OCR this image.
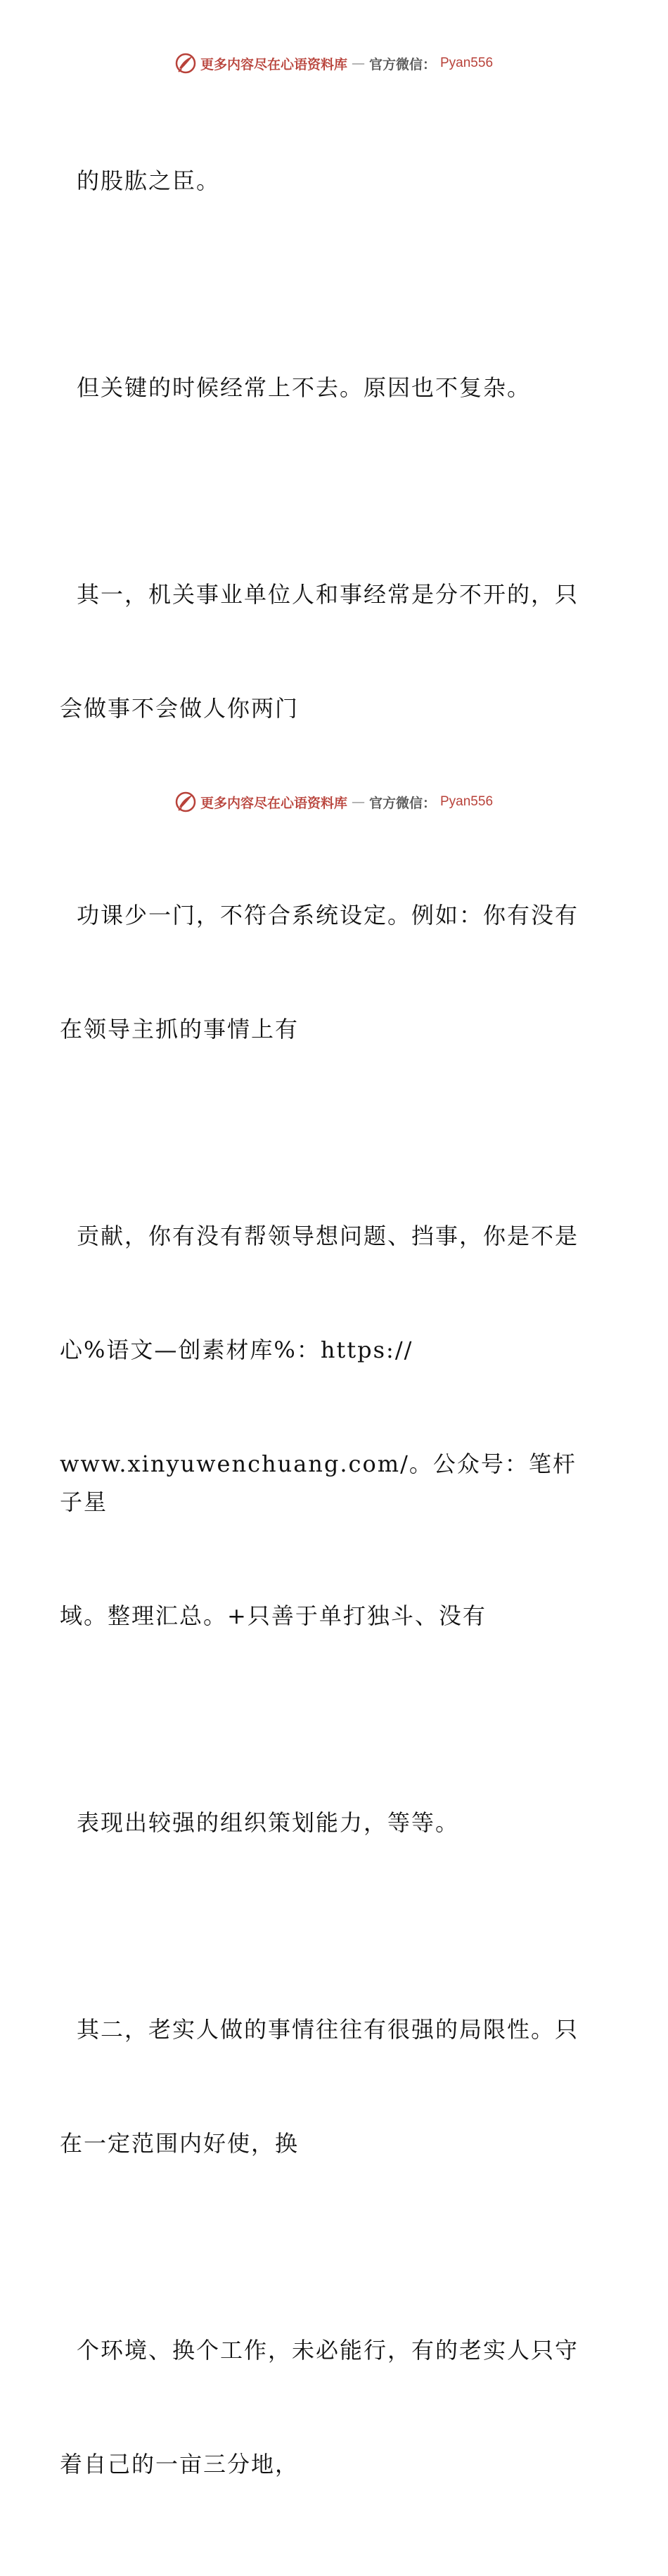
更多内容尽在心语资料库 — 官方微信： Pyan556

的股肱之臣。

但关键的时候经常上不去。原因也不复杂。

其一，机关事业单位人和事经常是分不开的，只

会做事不会做人你两门

功课少一门，不符合系统设定。例如：你有没有

在领导主抓的事情上有

贡献，你有没有帮领导想问题、挡事，你是不是

心%语文—创素材库%：https://

www.xinyuwenchuang.com/。公众号：笔杆子星

域。整理汇总。+只善于单打独斗、没有

表现出较强的组织策划能力，等等。

其二，老实人做的事情往往有很强的局限性。只

在一定范围内好使，换

个环境、换个工作，未必能行，有的老实人只守

着自己的一亩三分地，

更多内容尽在心语资料库 — 官方微信： Pyan556
